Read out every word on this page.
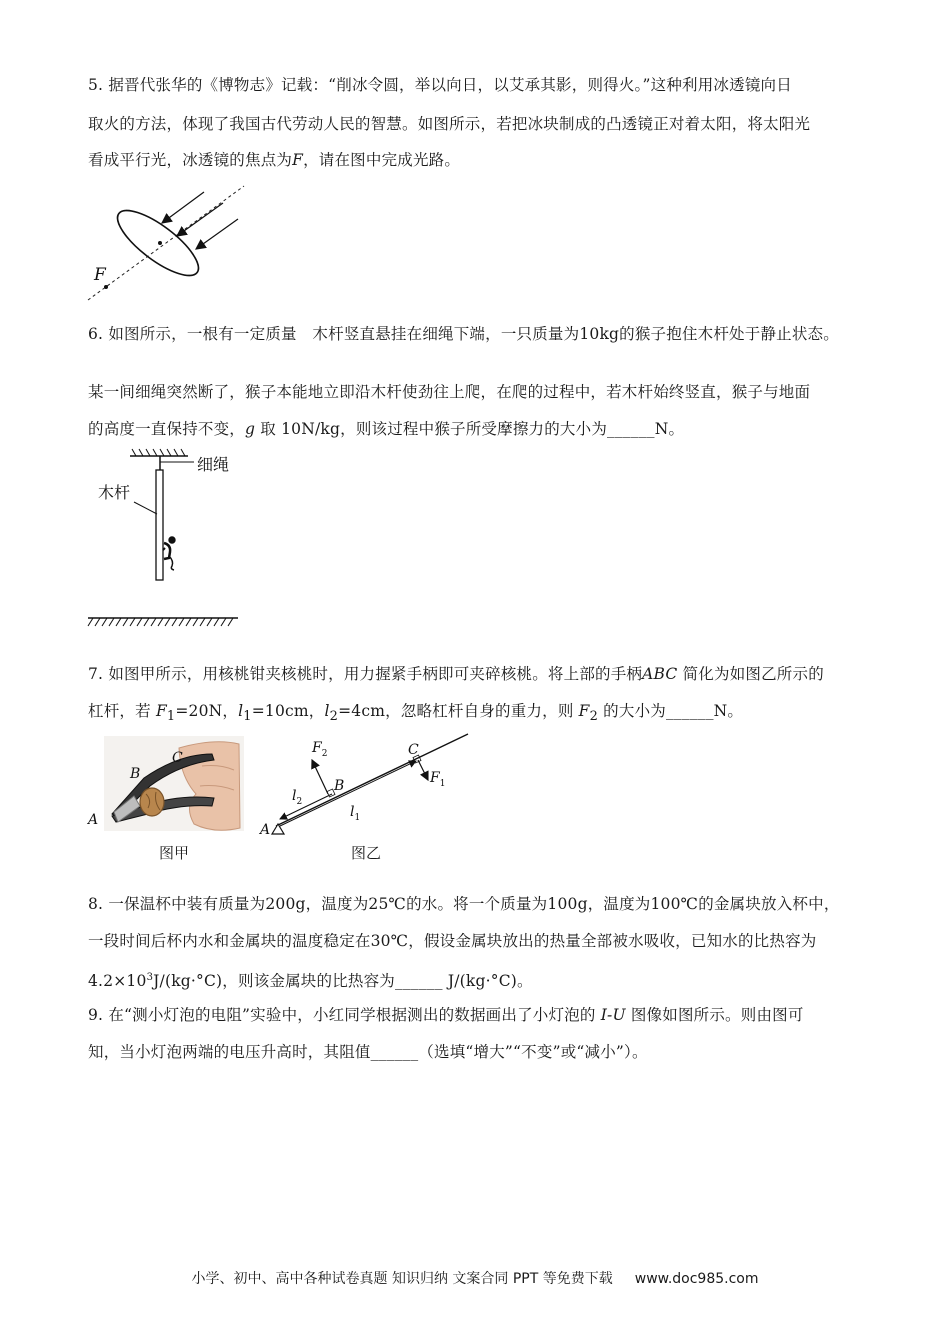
5. 据晋代张华的《博物志》记载：“削冰令圆，举以向日，以艾承其影，则得火。”这种利用冰透镜向日
取火的方法，体现了我国古代劳动人民的智慧。如图所示，若把冰块制成的凸透镜正对着太阳，将太阳光
看成平行光，冰透镜的焦点为F，请在图中完成光路。
F
6. 如图所示，一根有一定质量　木杆竖直悬挂在细绳下端，一只质量为10kg的猴子抱住木杆处于静止状态。
某一间细绳突然断了，猴子本能地立即沿木杆使劲往上爬，在爬的过程中，若木杆始终竖直，猴子与地面
的高度一直保持不变，g 取 10N/kg，则该过程中猴子所受摩擦力的大小为______N。
细绳
木杆
7. 如图甲所示，用核桃钳夹核桃时，用力握紧手柄即可夹碎核桃。将上部的手柄ABC 简化为如图乙所示的
杠杆，若 $F_1=20N$，$l_1=10cm$，$l_2=4cm$，忽略杠杆自身的重力，则 $F_2$ 的大小为______N。
A
B
C
图甲
A
B
C
$F_2$
$F_1$
$l_2$
$l_1$
图乙
8. 一保温杯中装有质量为200g，温度为25℃的水。将一个质量为100g，温度为100℃的金属块放入杯中，
一段时间后杯内水和金属块的温度稳定在30℃，假设金属块放出的热量全部被水吸收，已知水的比热容为
$4.2\times 10^3J/(kg\cdot^\circ C)$，则该金属块的比热容为______ J/(kg·°C)。
9. 在“测小灯泡的电阻”实验中，小红同学根据测出的数据画出了小灯泡的 I-U 图像如图所示。则由图可
知，当小灯泡两端的电压升高时，其阻值______（选填“增大”“不变”或“减小”）。
小学、初中、高中各种试卷真题 知识归纳 文案合同 PPT 等免费下载 www.doc985.com
